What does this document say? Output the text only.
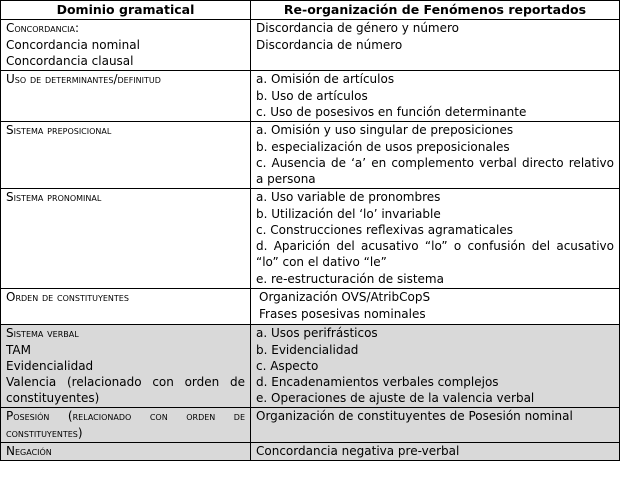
Dominio gramatical	Re-organización de Fenómenos reportados

Concordancia:
Concordancia nominal
Concordancia clausal	Discordancia de género y número
Discordancia de número

Uso de determinantes/definitud	a. Omisión de artículos
b. Uso de artículos
c. Uso de posesivos en función determinante

Sistema preposicional	a. Omisión y uso singular de preposiciones
b. especialización de usos preposicionales
c. Ausencia de ‘a’ en complemento verbal directo relativo a persona

Sistema pronominal	a. Uso variable de pronombres
b. Utilización del ‘lo’ invariable
c. Construcciones reflexivas agramaticales
d. Aparición del acusativo “lo” o confusión del acusativo “lo” con el dativo “le”
e. re-estructuración de sistema

Orden de constituyentes	Organización OVS/AtribCopS
Frases posesivas nominales

Sistema verbal
TAM
Evidencialidad
Valencia (relacionado con orden de constituyentes)	a. Usos perifrásticos
b. Evidencialidad
c. Aspecto
d. Encadenamientos verbales complejos
e. Operaciones de ajuste de la valencia verbal

Posesión (relacionado con orden de constituyentes)	Organización de constituyentes de Posesión nominal

Negación	Concordancia negativa pre-verbal
